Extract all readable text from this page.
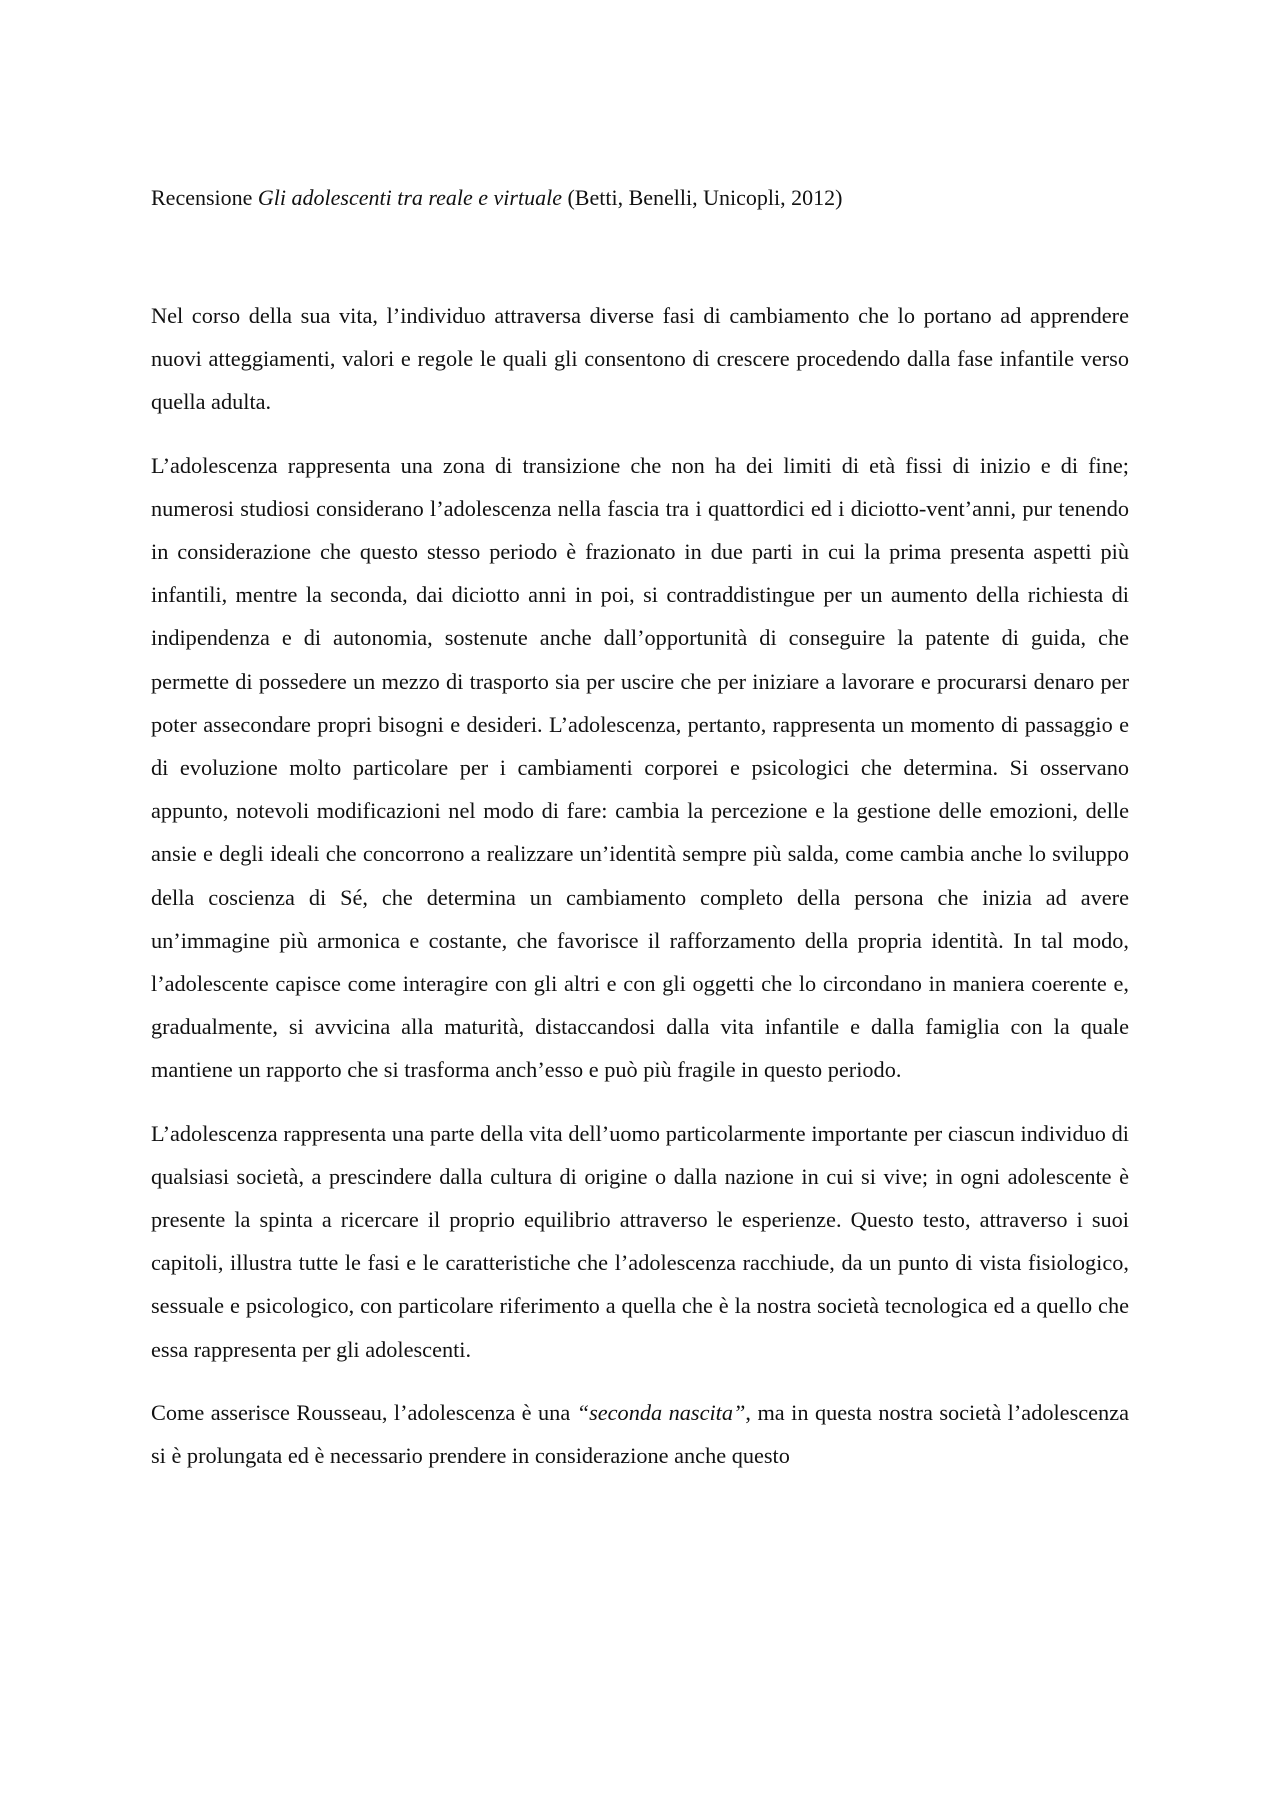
Recensione Gli adolescenti tra reale e virtuale (Betti, Benelli, Unicopli, 2012)

Nel corso della sua vita, l’individuo attraversa diverse fasi di cambiamento che lo portano ad apprendere nuovi atteggiamenti, valori e regole le quali gli consentono di crescere procedendo dalla fase infantile verso quella adulta.

L’adolescenza rappresenta una zona di transizione che non ha dei limiti di età fissi di inizio e di fine; numerosi studiosi considerano l’adolescenza nella fascia tra i quattordici ed i diciotto-vent’anni, pur tenendo in considerazione che questo stesso periodo è frazionato in due parti in cui la prima presenta aspetti più infantili, mentre la seconda, dai diciotto anni in poi, si contraddistingue per un aumento della richiesta di indipendenza e di autonomia, sostenute anche dall’opportunità di conseguire la patente di guida, che permette di possedere un mezzo di trasporto sia per uscire che per iniziare a lavorare e procurarsi denaro per poter assecondare propri bisogni e desideri. L’adolescenza, pertanto, rappresenta un momento di passaggio e di evoluzione molto particolare per i cambiamenti corporei e psicologici che determina. Si osservano appunto, notevoli modificazioni nel modo di fare: cambia la percezione e la gestione delle emozioni, delle ansie e degli ideali che concorrono a realizzare un’identità sempre più salda, come cambia anche lo sviluppo della coscienza di Sé, che determina un cambiamento completo della persona che inizia ad avere un’immagine più armonica e costante, che favorisce il rafforzamento della propria identità. In tal modo, l’adolescente capisce come interagire con gli altri e con gli oggetti che lo circondano in maniera coerente e, gradualmente, si avvicina alla maturità, distaccandosi dalla vita infantile e dalla famiglia con la quale mantiene un rapporto che si trasforma anch’esso e può più fragile in questo periodo.

L’adolescenza rappresenta una parte della vita dell’uomo particolarmente importante per ciascun individuo di qualsiasi società, a prescindere dalla cultura di origine o dalla nazione in cui si vive; in ogni adolescente è presente la spinta a ricercare il proprio equilibrio attraverso le esperienze. Questo testo, attraverso i suoi capitoli, illustra tutte le fasi e le caratteristiche che l’adolescenza racchiude, da un punto di vista fisiologico, sessuale e psicologico, con particolare riferimento a quella che è la nostra società tecnologica ed a quello che essa rappresenta per gli adolescenti.

Come asserisce Rousseau, l’adolescenza è una “seconda nascita”, ma in questa nostra società l’adolescenza si è prolungata ed è necessario prendere in considerazione anche questo
